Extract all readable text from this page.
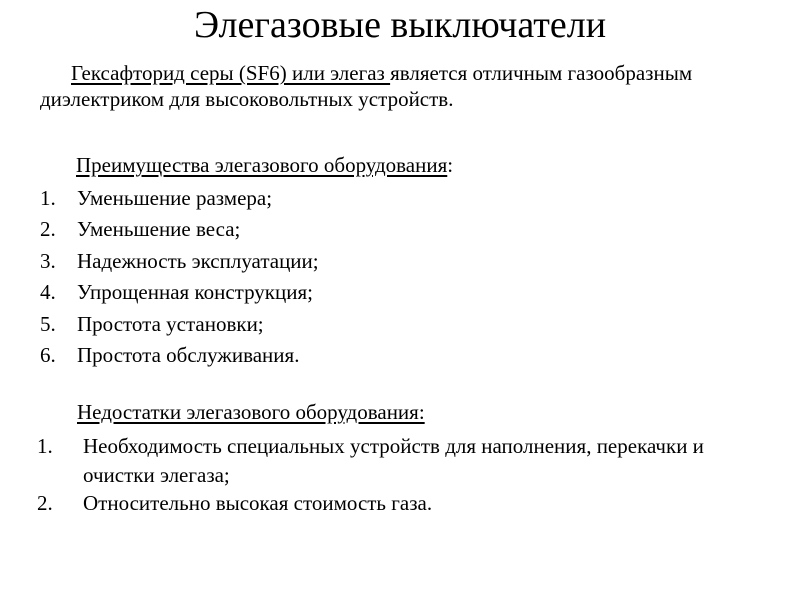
Элегазовые выключатели
Гексафторид серы (SF6) или элегаз является отличным газообразным
диэлектриком для высоковольтных устройств.
Преимущества элегазового оборудования:
1.	Уменьшение размера;
2.	Уменьшение веса;
3.	Надежность эксплуатации;
4.	Упрощенная конструкция;
5.	Простота установки;
6.	Простота обслуживания.
Недостатки элегазового оборудования:
1.	Необходимость специальных устройств для наполнения, перекачки и
очистки элегаза;
2.	Относительно высокая стоимость газа.
